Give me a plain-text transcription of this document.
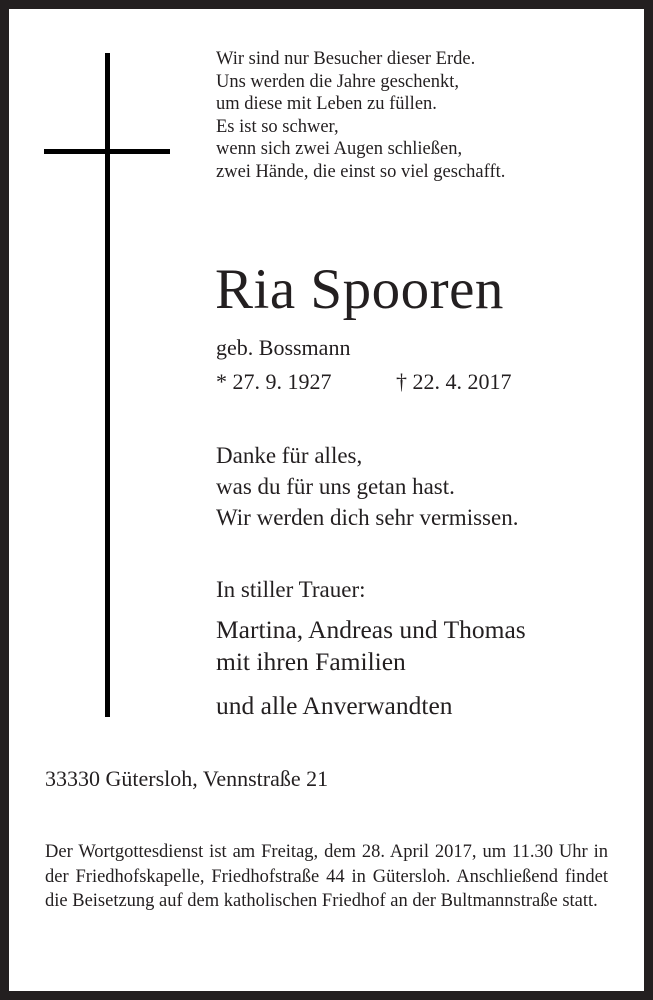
Wir sind nur Besucher dieser Erde.
Uns werden die Jahre geschenkt,
um diese mit Leben zu füllen.
Es ist so schwer,
wenn sich zwei Augen schließen,
zwei Hände, die einst so viel geschafft.
Ria Spooren
geb. Bossmann
* 27. 9. 1927	† 22. 4. 2017
Danke für alles,
was du für uns getan hast.
Wir werden dich sehr vermissen.
In stiller Trauer:
Martina, Andreas und Thomas
mit ihren Familien
und alle Anverwandten
33330 Gütersloh, Vennstraße 21
Der Wortgottesdienst ist am Freitag, dem 28. April 2017, um 11.30 Uhr in der Friedhofskapelle, Friedhofstraße 44 in Gütersloh. Anschließend findet die Beisetzung auf dem katholischen Friedhof an der Bultmannstraße statt.
